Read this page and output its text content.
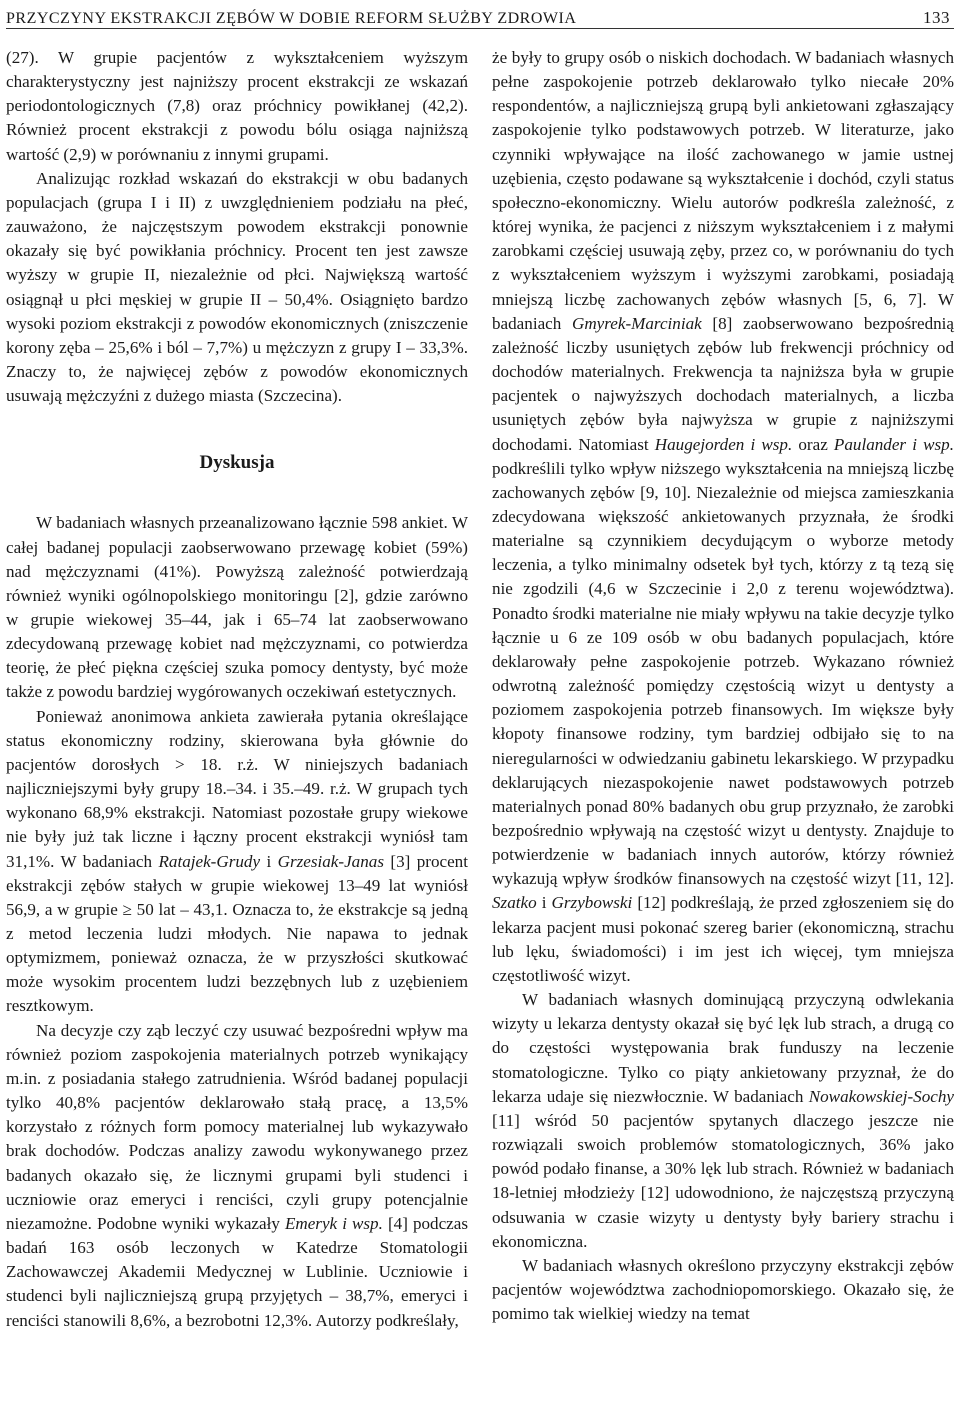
PRZYCZYNY EKSTRAKCJI ZĘBÓW W DOBIE REFORM SŁUŻBY ZDROWIA	133

(27). W grupie pacjentów z wykształceniem wyższym charakterystyczny jest najniższy procent ekstrakcji ze wskazań periodontologicznych (7,8) oraz próchnicy powikłanej (42,2). Również procent ekstrakcji z powodu bólu osiąga najniższą wartość (2,9) w porównaniu z innymi grupami.

Analizując rozkład wskazań do ekstrakcji w obu badanych populacjach (grupa I i II) z uwzględnieniem podziału na płeć, zauważono, że najczęstszym powodem ekstrakcji ponownie okazały się być powikłania próchnicy. Procent ten jest zawsze wyższy w grupie II, niezależnie od płci. Największą wartość osiągnął u płci męskiej w grupie II – 50,4%. Osiągnięto bardzo wysoki poziom ekstrakcji z powodów ekonomicznych (zniszczenie korony zęba – 25,6% i ból – 7,7%) u mężczyzn z grupy I – 33,3%. Znaczy to, że najwięcej zębów z powodów ekonomicznych usuwają mężczyźni z dużego miasta (Szczecina).

Dyskusja

W badaniach własnych przeanalizowano łącznie 598 ankiet. W całej badanej populacji zaobserwowano przewagę kobiet (59%) nad mężczyznami (41%). Powyższą zależność potwierdzają również wyniki ogólnopolskiego monitoringu [2], gdzie zarówno w grupie wiekowej 35–44, jak i 65–74 lat zaobserwowano zdecydowaną przewagę kobiet nad mężczyznami, co potwierdza teorię, że płeć piękna częściej szuka pomocy dentysty, być może także z powodu bardziej wygórowanych oczekiwań estetycznych.

Ponieważ anonimowa ankieta zawierała pytania określające status ekonomiczny rodziny, skierowana była głównie do pacjentów dorosłych > 18. r.ż. W niniejszych badaniach najliczniejszymi były grupy 18.–34. i 35.–49. r.ż. W grupach tych wykonano 68,9% ekstrakcji. Natomiast pozostałe grupy wiekowe nie były już tak liczne i łączny procent ekstrakcji wyniósł tam 31,1%. W badaniach Ratajek-Grudy i Grzesiak-Janas [3] procent ekstrakcji zębów stałych w grupie wiekowej 13–49 lat wyniósł 56,9, a w grupie ≥ 50 lat – 43,1. Oznacza to, że ekstrakcje są jedną z metod leczenia ludzi młodych. Nie napawa to jednak optymizmem, ponieważ oznacza, że w przyszłości skutkować może wysokim procentem ludzi bezzębnych lub z uzębieniem resztkowym.

Na decyzje czy ząb leczyć czy usuwać bezpośredni wpływ ma również poziom zaspokojenia materialnych potrzeb wynikający m.in. z posiadania stałego zatrudnienia. Wśród badanej populacji tylko 40,8% pacjentów deklarowało stałą pracę, a 13,5% korzystało z różnych form pomocy materialnej lub wykazywało brak dochodów. Podczas analizy zawodu wykonywanego przez badanych okazało się, że licznymi grupami byli studenci i uczniowie oraz emeryci i renciści, czyli grupy potencjalnie niezamożne. Podobne wyniki wykazały Emeryk i wsp. [4] podczas badań 163 osób leczonych w Katedrze Stomatologii Zachowawczej Akademii Medycznej w Lublinie. Uczniowie i studenci byli najliczniejszą grupą przyjętych – 38,7%, emeryci i renciści stanowili 8,6%, a bezrobotni 12,3%. Autorzy podkreślały,

że były to grupy osób o niskich dochodach. W badaniach własnych pełne zaspokojenie potrzeb deklarowało tylko niecałe 20% respondentów, a najliczniejszą grupą byli ankietowani zgłaszający zaspokojenie tylko podstawowych potrzeb. W literaturze, jako czynniki wpływające na ilość zachowanego w jamie ustnej uzębienia, często podawane są wykształcenie i dochód, czyli status społeczno-ekonomiczny. Wielu autorów podkreśla zależność, z której wynika, że pacjenci z niższym wykształceniem i z małymi zarobkami częściej usuwają zęby, przez co, w porównaniu do tych z wykształceniem wyższym i wyższymi zarobkami, posiadają mniejszą liczbę zachowanych zębów własnych [5, 6, 7]. W badaniach Gmyrek-Marciniak [8] zaobserwowano bezpośrednią zależność liczby usuniętych zębów lub frekwencji próchnicy od dochodów materialnych. Frekwencja ta najniższa była w grupie pacjentek o najwyższych dochodach materialnych, a liczba usuniętych zębów była najwyższa w grupie z najniższymi dochodami. Natomiast Haugejorden i wsp. oraz Paulander i wsp. podkreślili tylko wpływ niższego wykształcenia na mniejszą liczbę zachowanych zębów [9, 10]. Niezależnie od miejsca zamieszkania zdecydowana większość ankietowanych przyznała, że środki materialne są czynnikiem decydującym o wyborze metody leczenia, a tylko minimalny odsetek był tych, którzy z tą tezą się nie zgodzili (4,6 w Szczecinie i 2,0 z terenu województwa). Ponadto środki materialne nie miały wpływu na takie decyzje tylko łącznie u 6 ze 109 osób w obu badanych populacjach, które deklarowały pełne zaspokojenie potrzeb. Wykazano również odwrotną zależność pomiędzy częstością wizyt u dentysty a poziomem zaspokojenia potrzeb finansowych. Im większe były kłopoty finansowe rodziny, tym bardziej odbijało się to na nieregularności w odwiedzaniu gabinetu lekarskiego. W przypadku deklarujących niezaspokojenie nawet podstawowych potrzeb materialnych ponad 80% badanych obu grup przyznało, że zarobki bezpośrednio wpływają na częstość wizyt u dentysty. Znajduje to potwierdzenie w badaniach innych autorów, którzy również wykazują wpływ środków finansowych na częstość wizyt [11, 12]. Szatko i Grzybowski [12] podkreślają, że przed zgłoszeniem się do lekarza pacjent musi pokonać szereg barier (ekonomiczną, strachu lub lęku, świadomości) i im jest ich więcej, tym mniejsza częstotliwość wizyt.

W badaniach własnych dominującą przyczyną odwlekania wizyty u lekarza dentysty okazał się być lęk lub strach, a drugą co do częstości występowania brak funduszy na leczenie stomatologiczne. Tylko co piąty ankietowany przyznał, że do lekarza udaje się niezwłocznie. W badaniach Nowakowskiej-Sochy [11] wśród 50 pacjentów spytanych dlaczego jeszcze nie rozwiązali swoich problemów stomatologicznych, 36% jako powód podało finanse, a 30% lęk lub strach. Również w badaniach 18-letniej młodzieży [12] udowodniono, że najczęstszą przyczyną odsuwania w czasie wizyty u dentysty były bariery strachu i ekonomiczna.

W badaniach własnych określono przyczyny ekstrakcji zębów pacjentów województwa zachodniopomorskiego. Okazało się, że pomimo tak wielkiej wiedzy na temat
